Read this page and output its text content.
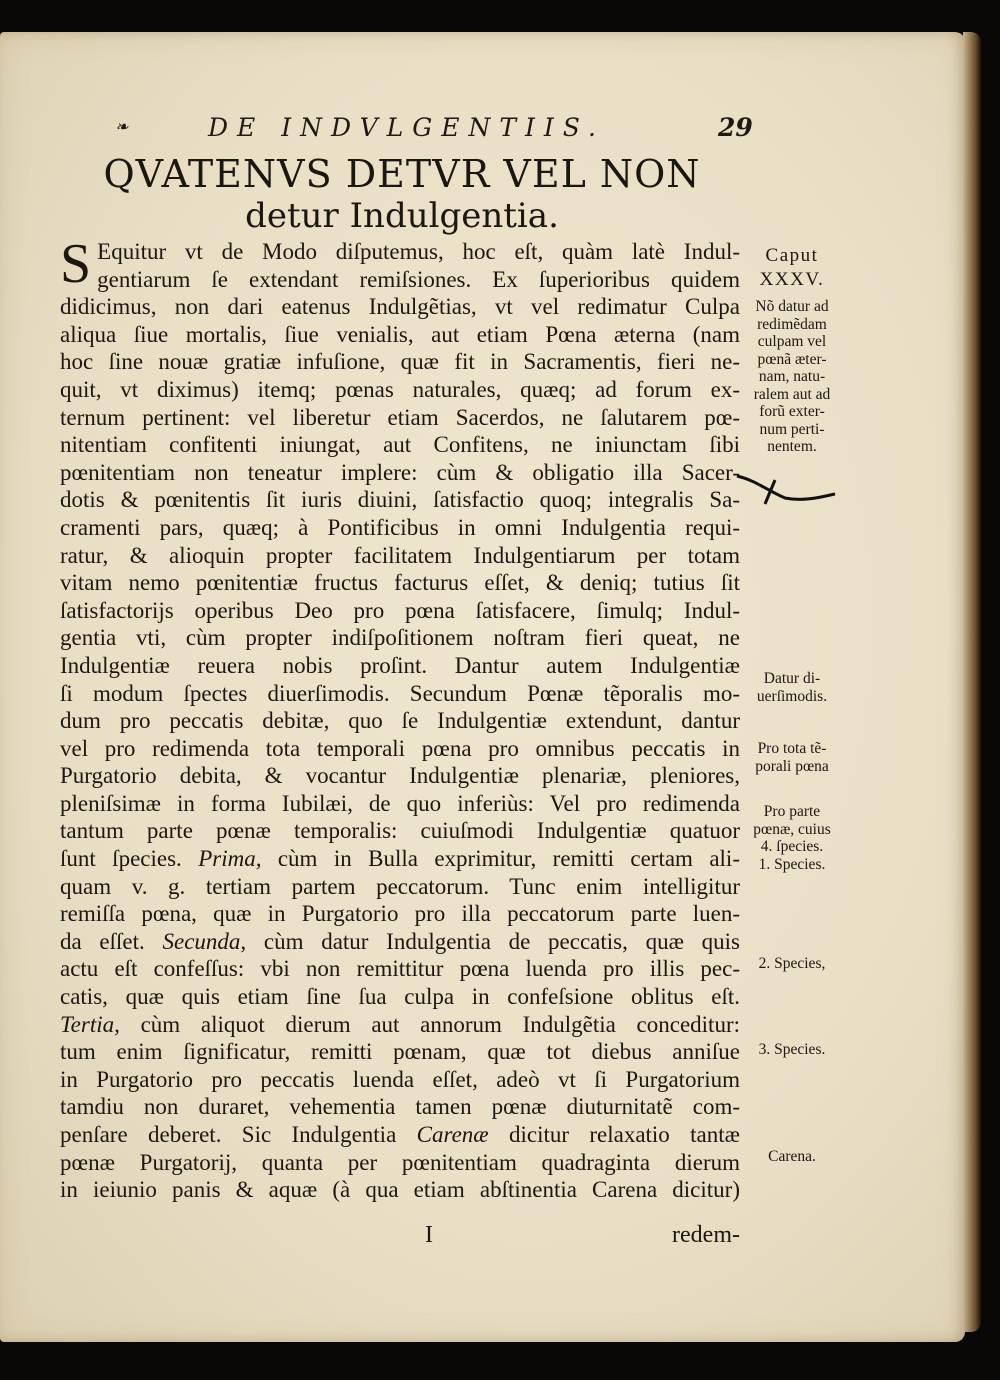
❧	DE INDVLGENTIIS.	29
QVATENVS DETVR VEL NON
detur Indulgentia.
S Equitur vt de Modo diſputemus, hoc eſt, quàm latè Indul-
gentiarum ſe extendant remiſsiones. Ex ſuperioribus quidem
didicimus, non dari eatenus Indulgẽtias, vt vel redimatur Culpa
aliqua ſiue mortalis, ſiue venialis, aut etiam Pœna æterna (nam
hoc ſine nouæ gratiæ infuſione, quæ fit in Sacramentis, fieri ne-
quit, vt diximus) itemq; pœnas naturales, quæq; ad forum ex-
ternum pertinent: vel liberetur etiam Sacerdos, ne ſalutarem pœ-
nitentiam confitenti iniungat, aut Confitens, ne iniunctam ſibi
pœnitentiam non teneatur implere: cùm & obligatio illa Sacer-
dotis & pœnitentis ſit iuris diuini, ſatisfactio quoq; integralis Sa-
cramenti pars, quæq; à Pontificibus in omni Indulgentia requi-
ratur, & alioquin propter facilitatem Indulgentiarum per totam
vitam nemo pœnitentiæ fructus facturus eſſet, & deniq; tutius ſit
ſatisfactorijs operibus Deo pro pœna ſatisfacere, ſimulq; Indul-
gentia vti, cùm propter indiſpoſitionem noſtram fieri queat, ne
Indulgentiæ reuera nobis proſint. Dantur autem Indulgentiæ
ſi modum ſpectes diuerſimodis. Secundum Pœnæ tẽporalis mo-
dum pro peccatis debitæ, quo ſe Indulgentiæ extendunt, dantur
vel pro redimenda tota temporali pœna pro omnibus peccatis in
Purgatorio debita, & vocantur Indulgentiæ plenariæ, pleniores,
pleniſsimæ in forma Iubilæi, de quo inferiùs: Vel pro redimenda
tantum parte pœnæ temporalis: cuiuſmodi Indulgentiæ quatuor
ſunt ſpecies. Prima, cùm in Bulla exprimitur, remitti certam ali-
quam v. g. tertiam partem peccatorum. Tunc enim intelligitur
remiſſa pœna, quæ in Purgatorio pro illa peccatorum parte luen-
da eſſet. Secunda, cùm datur Indulgentia de peccatis, quæ quis
actu eſt confeſſus: vbi non remittitur pœna luenda pro illis pec-
catis, quæ quis etiam ſine ſua culpa in confeſsione oblitus eſt.
Tertia, cùm aliquot dierum aut annorum Indulgẽtia conceditur:
tum enim ſignificatur, remitti pœnam, quæ tot diebus anniſue
in Purgatorio pro peccatis luenda eſſet, adeò vt ſi Purgatorium
tamdiu non duraret, vehementia tamen pœnæ diuturnitatẽ com-
penſare deberet. Sic Indulgentia Carenæ dicitur relaxatio tantæ
pœnæ Purgatorij, quanta per pœnitentiam quadraginta dierum
in ieiunio panis & aquæ (à qua etiam abſtinentia Carena dicitur)
I	redem-
Caput
XXXV.
Nõ datur ad
redimẽdam
culpam vel
pœnã æter-
nam, natu-
ralem aut ad
forũ exter-
num perti-
nentem.
Datur di-
uerſimodis.
Pro tota tẽ-
porali pœna
Pro parte
pœnæ, cuius
4. ſpecies.
1. Species.
2. Species,
3. Species.
Carena.
